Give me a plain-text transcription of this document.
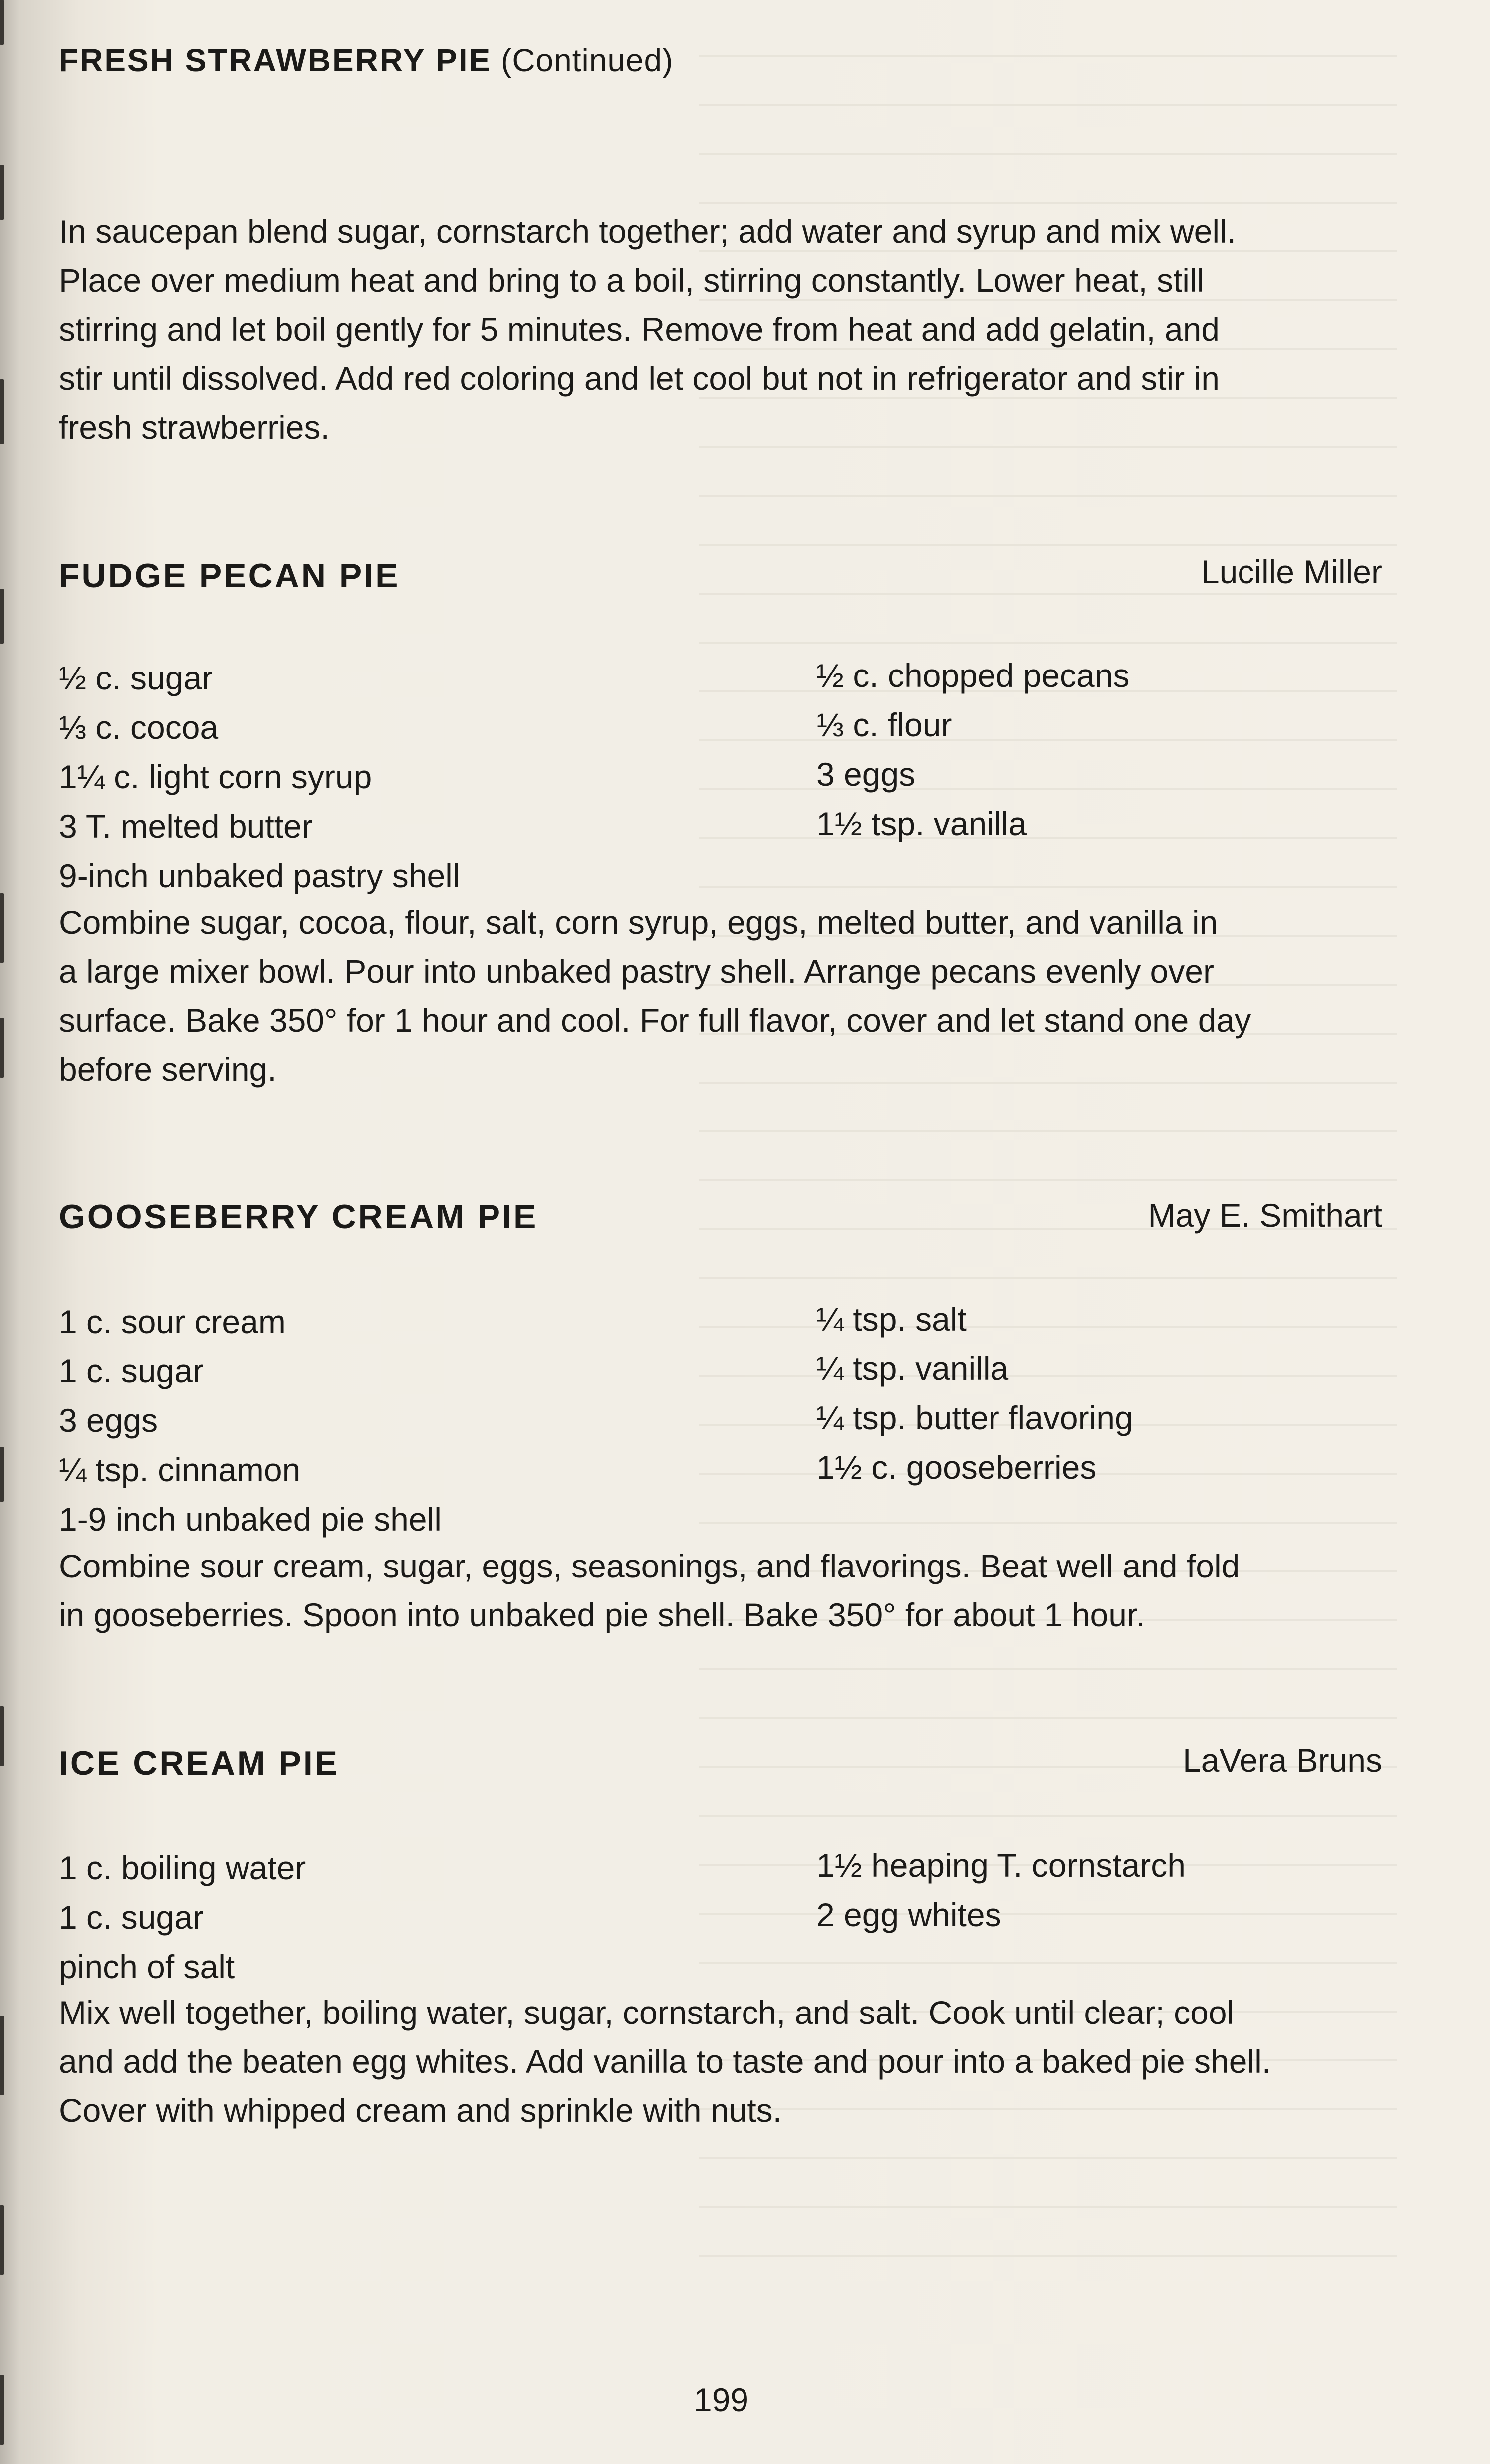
FRESH STRAWBERRY PIE (Continued)
In saucepan blend sugar, cornstarch together; add water and syrup and mix well.
Place over medium heat and bring to a boil, stirring constantly. Lower heat, still
stirring and let boil gently for 5 minutes. Remove from heat and add gelatin, and
stir until dissolved. Add red coloring and let cool but not in refrigerator and stir in
fresh strawberries.
FUDGE PECAN PIE	Lucille Miller
½ c. sugar
⅓ c. cocoa
1¼ c. light corn syrup
3 T. melted butter
9-inch unbaked pastry shell
½ c. chopped pecans
⅓ c. flour
3 eggs
1½ tsp. vanilla
Combine sugar, cocoa, flour, salt, corn syrup, eggs, melted butter, and vanilla in
a large mixer bowl. Pour into unbaked pastry shell. Arrange pecans evenly over
surface. Bake 350° for 1 hour and cool. For full flavor, cover and let stand one day
before serving.
GOOSEBERRY CREAM PIE	May E. Smithart
1 c. sour cream
1 c. sugar
3 eggs
¼ tsp. cinnamon
1-9 inch unbaked pie shell
¼ tsp. salt
¼ tsp. vanilla
¼ tsp. butter flavoring
1½ c. gooseberries
Combine sour cream, sugar, eggs, seasonings, and flavorings. Beat well and fold
in gooseberries. Spoon into unbaked pie shell. Bake 350° for about 1 hour.
ICE CREAM PIE	LaVera Bruns
1 c. boiling water
1 c. sugar
pinch of salt
1½ heaping T. cornstarch
2 egg whites
Mix well together, boiling water, sugar, cornstarch, and salt. Cook until clear; cool
and add the beaten egg whites. Add vanilla to taste and pour into a baked pie shell.
Cover with whipped cream and sprinkle with nuts.
199
